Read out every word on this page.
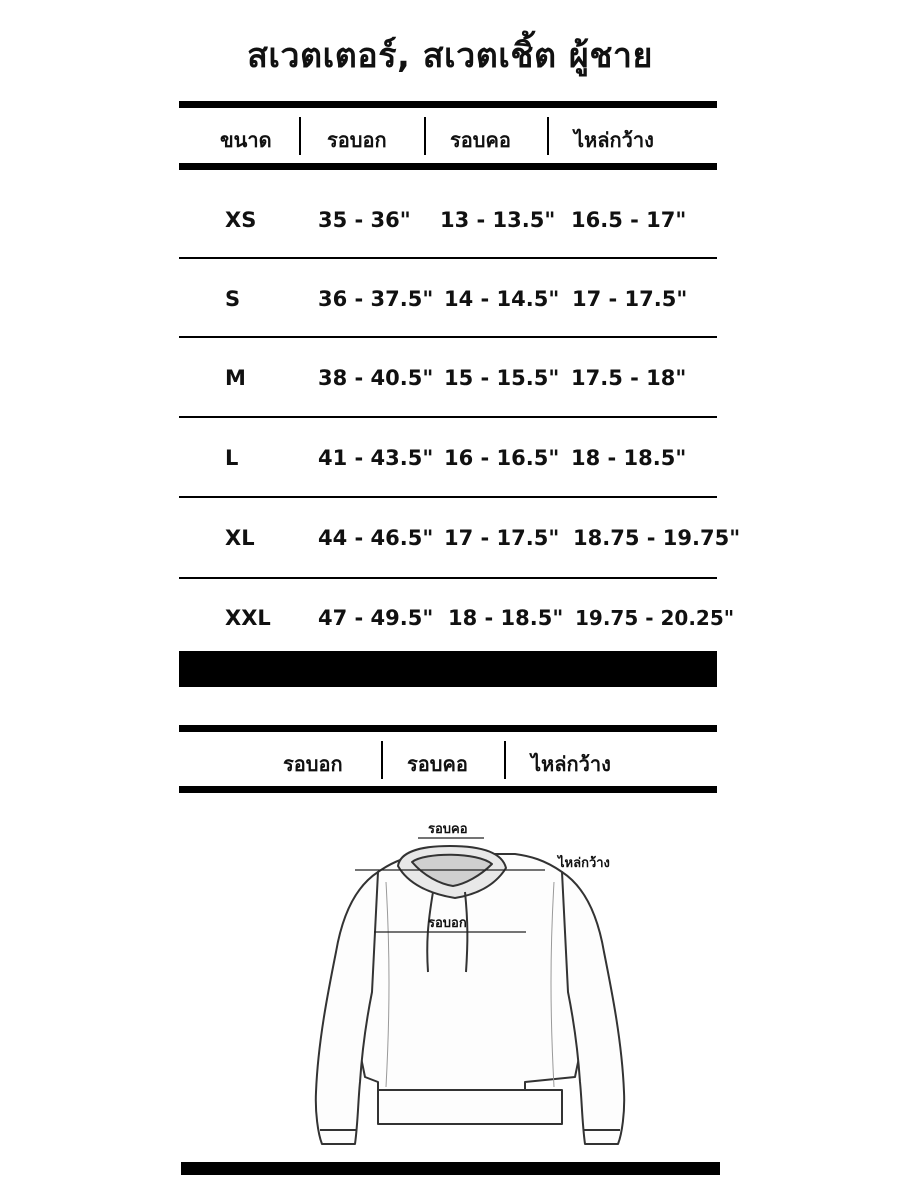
สเวตเตอร์, สเวตเชิ้ต ผู้ชาย
ขนาด	รอบอก	รอบคอ	ไหล่กว้าง
XS	35 - 36" 13 - 13.5" 16.5 - 17"
S	36 - 37.5" 14 - 14.5" 17 - 17.5"
M	38 - 40.5" 15 - 15.5" 17.5 - 18"
L	41 - 43.5" 16 - 16.5" 18 - 18.5"
XL	44 - 46.5" 17 - 17.5" 18.75 - 19.75"
XXL 47 - 49.5" 18 - 18.5" 19.75 - 20.25"
รอบอก	รอบคอ	ไหล่กว้าง
รอบคอ
ไหล่กว้าง
รอบอก
